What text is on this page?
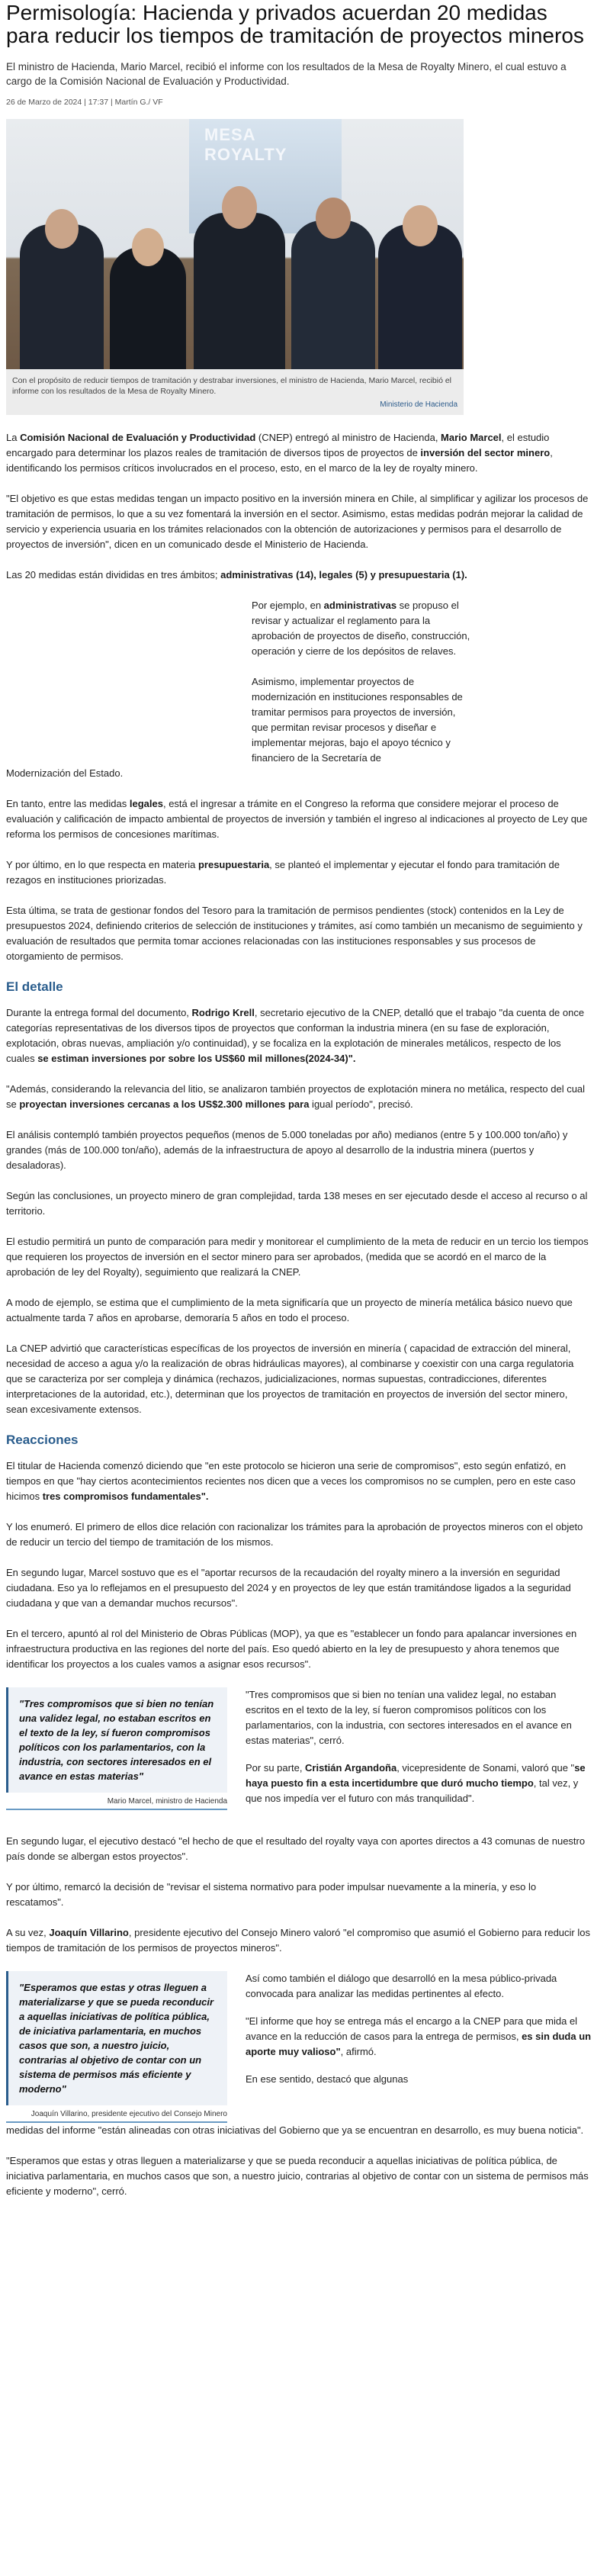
Permisología: Hacienda y privados acuerdan 20 medidas para reducir los tiempos de tramitación de proyectos mineros
El ministro de Hacienda, Mario Marcel, recibió el informe con los resultados de la Mesa de Royalty Minero, el cual estuvo a cargo de la Comisión Nacional de Evaluación y Productividad.
26 de Marzo de 2024 | 17:37 | Martín G./ VF
MESA ROYALTY
Con el propósito de reducir tiempos de tramitación y destrabar inversiones, el ministro de Hacienda, Mario Marcel, recibió el informe con los resultados de la Mesa de Royalty Minero.
Ministerio de Hacienda

La Comisión Nacional de Evaluación y Productividad (CNEP) entregó al ministro de Hacienda, Mario Marcel, el estudio encargado para determinar los plazos reales de tramitación de diversos tipos de proyectos de inversión del sector minero, identificando los permisos críticos involucrados en el proceso, esto, en el marco de la ley de royalty minero.

"El objetivo es que estas medidas tengan un impacto positivo en la inversión minera en Chile, al simplificar y agilizar los procesos de tramitación de permisos, lo que a su vez fomentará la inversión en el sector. Asimismo, estas medidas podrán mejorar la calidad de servicio y experiencia usuaria en los trámites relacionados con la obtención de autorizaciones y permisos para el desarrollo de proyectos de inversión", dicen en un comunicado desde el Ministerio de Hacienda.

Las 20 medidas están divididas en tres ámbitos; administrativas (14), legales (5) y presupuestaria (1).

Por ejemplo, en administrativas se propuso el revisar y actualizar el reglamento para la aprobación de proyectos de diseño, construcción, operación y cierre de los depósitos de relaves.

Asimismo, implementar proyectos de modernización en instituciones responsables de tramitar permisos para proyectos de inversión, que permitan revisar procesos y diseñar e implementar mejoras, bajo el apoyo técnico y financiero de la Secretaría de

Modernización del Estado.

En tanto, entre las medidas legales, está el ingresar a trámite en el Congreso la reforma que considere mejorar el proceso de evaluación y calificación de impacto ambiental de proyectos de inversión y también el ingreso al indicaciones al proyecto de Ley que reforma los permisos de concesiones marítimas.

Y por último, en lo que respecta en materia presupuestaria, se planteó el implementar y ejecutar el fondo para tramitación de rezagos en instituciones priorizadas.

Esta última, se trata de gestionar fondos del Tesoro para la tramitación de permisos pendientes (stock) contenidos en la Ley de presupuestos 2024, definiendo criterios de selección de instituciones y trámites, así como también un mecanismo de seguimiento y evaluación de resultados que permita tomar acciones relacionadas con las instituciones responsables y sus procesos de otorgamiento de permisos.

El detalle

Durante la entrega formal del documento, Rodrigo Krell, secretario ejecutivo de la CNEP, detalló que el trabajo "da cuenta de once categorías representativas de los diversos tipos de proyectos que conforman la industria minera (en su fase de exploración, explotación, obras nuevas, ampliación y/o continuidad), y se focaliza en la explotación de minerales metálicos, respecto de los cuales se estiman inversiones por sobre los US$60 mil millones(2024-34)".

"Además, considerando la relevancia del litio, se analizaron también proyectos de explotación minera no metálica, respecto del cual se proyectan inversiones cercanas a los US$2.300 millones para igual período", precisó.

El análisis contempló también proyectos pequeños (menos de 5.000 toneladas por año) medianos (entre 5 y 100.000 ton/año) y grandes (más de 100.000 ton/año), además de la infraestructura de apoyo al desarrollo de la industria minera (puertos y desaladoras).

Según las conclusiones, un proyecto minero de gran complejidad, tarda 138 meses en ser ejecutado desde el acceso al recurso o al territorio.

El estudio permitirá un punto de comparación para medir y monitorear el cumplimiento de la meta de reducir en un tercio los tiempos que requieren los proyectos de inversión en el sector minero para ser aprobados, (medida que se acordó en el marco de la aprobación de ley del Royalty), seguimiento que realizará la CNEP.

A modo de ejemplo, se estima que el cumplimiento de la meta significaría que un proyecto de minería metálica básico nuevo que actualmente tarda 7 años en aprobarse, demoraría 5 años en todo el proceso.

La CNEP advirtió que características específicas de los proyectos de inversión en minería ( capacidad de extracción del mineral, necesidad de acceso a agua y/o la realización de obras hidráulicas mayores), al combinarse y coexistir con una carga regulatoria que se caracteriza por ser compleja y dinámica (rechazos, judicializaciones, normas supuestas, contradicciones, diferentes interpretaciones de la autoridad, etc.), determinan que los proyectos de tramitación en proyectos de inversión del sector minero, sean excesivamente extensos.

Reacciones

El titular de Hacienda comenzó diciendo que "en este protocolo se hicieron una serie de compromisos", esto según enfatizó, en tiempos en que "hay ciertos acontecimientos recientes nos dicen que a veces los compromisos no se cumplen, pero en este caso hicimos tres compromisos fundamentales".

Y los enumeró. El primero de ellos dice relación con racionalizar los trámites para la aprobación de proyectos mineros con el objeto de reducir un tercio del tiempo de tramitación de los mismos.

En segundo lugar, Marcel sostuvo que es el "aportar recursos de la recaudación del royalty minero a la inversión en seguridad ciudadana. Eso ya lo reflejamos en el presupuesto del 2024 y en proyectos de ley que están tramitándose ligados a la seguridad ciudadana y que van a demandar muchos recursos".

En el tercero, apuntó al rol del Ministerio de Obras Públicas (MOP), ya que es "establecer un fondo para apalancar inversiones en infraestructura productiva en las regiones del norte del país. Eso quedó abierto en la ley de presupuesto y ahora tenemos que identificar los proyectos a los cuales vamos a asignar esos recursos".

"Tres compromisos que si bien no tenían una validez legal, no estaban escritos en el texto de la ley, sí fueron compromisos políticos con los parlamentarios, con la industria, con sectores interesados en el avance en estas materias"
Mario Marcel, ministro de Hacienda

"Tres compromisos que si bien no tenían una validez legal, no estaban escritos en el texto de la ley, sí fueron compromisos políticos con los parlamentarios, con la industria, con sectores interesados en el avance en estas materias", cerró.

Por su parte, Cristián Argandoña, vicepresidente de Sonami, valoró que "se haya puesto fin a esta incertidumbre que duró mucho tiempo, tal vez, y que nos impedía ver el futuro con más tranquilidad".

En segundo lugar, el ejecutivo destacó "el hecho de que el resultado del royalty vaya con aportes directos a 43 comunas de nuestro país donde se albergan estos proyectos".

Y por último, remarcó la decisión de "revisar el sistema normativo para poder impulsar nuevamente a la minería, y eso lo rescatamos".

A su vez, Joaquín Villarino, presidente ejecutivo del Consejo Minero valoró "el compromiso que asumió el Gobierno para reducir los tiempos de tramitación de los permisos de proyectos mineros".

"Esperamos que estas y otras lleguen a materializarse y que se pueda reconducir a aquellas iniciativas de política pública, de iniciativa parlamentaria, en muchos casos que son, a nuestro juicio, contrarias al objetivo de contar con un sistema de permisos más eficiente y moderno"
Joaquín Villarino, presidente ejecutivo del Consejo Minero

Así como también el diálogo que desarrolló en la mesa público-privada convocada para analizar las medidas pertinentes al efecto.

"El informe que hoy se entrega más el encargo a la CNEP para que mida el avance en la reducción de casos para la entrega de permisos, es sin duda un aporte muy valioso", afirmó.

En ese sentido, destacó que algunas

medidas del informe "están alineadas con otras iniciativas del Gobierno que ya se encuentran en desarrollo, es muy buena noticia".

"Esperamos que estas y otras lleguen a materializarse y que se pueda reconducir a aquellas iniciativas de política pública, de iniciativa parlamentaria, en muchos casos que son, a nuestro juicio, contrarias al objetivo de contar con un sistema de permisos más eficiente y moderno", cerró.
